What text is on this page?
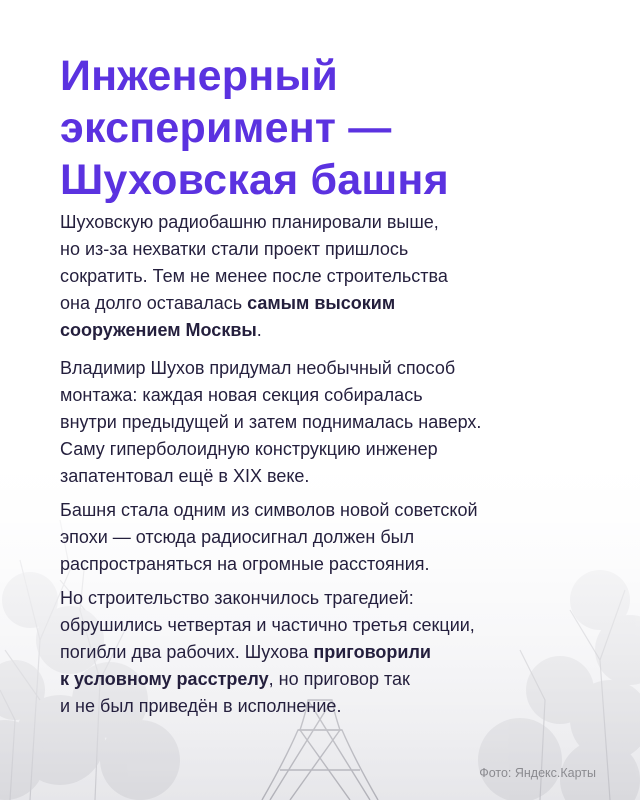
Инженерный
эксперимент —
Шуховская башня
Шуховскую радиобашню планировали выше,
но из-за нехватки стали проект пришлось
сократить. Тем не менее после строительства
она долго оставалась самым высоким
сооружением Москвы.
Владимир Шухов придумал необычный способ
монтажа: каждая новая секция собиралась
внутри предыдущей и затем поднималась наверх.
Саму гиперболоидную конструкцию инженер
запатентовал ещё в XIX веке.
Башня стала одним из символов новой советской
эпохи — отсюда радиосигнал должен был
распространяться на огромные расстояния.
Но строительство закончилось трагедией:
обрушились четвертая и частично третья секции,
погибли два рабочих. Шухова приговорили
к условному расстрелу, но приговор так
и не был приведён в исполнение.
Фото: Яндекс.Карты
